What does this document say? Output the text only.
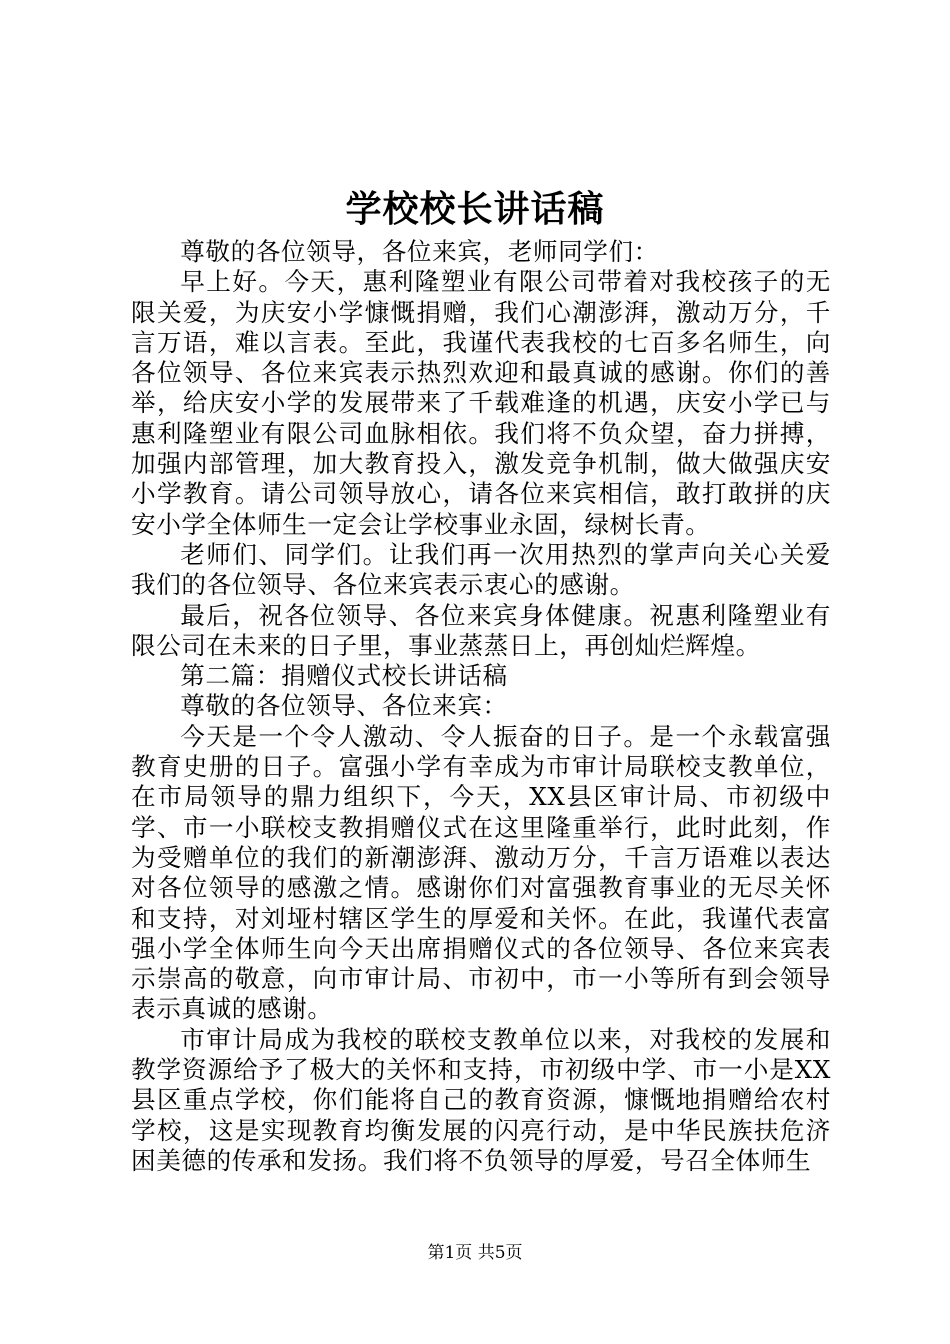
学校校长讲话稿

尊敬的各位领导，各位来宾，老师同学们：

早上好。今天，惠利隆塑业有限公司带着对我校孩子的无限关爱，为庆安小学慷慨捐赠，我们心潮澎湃，激动万分，千言万语，难以言表。至此，我谨代表我校的七百多名师生，向各位领导、各位来宾表示热烈欢迎和最真诚的感谢。你们的善举，给庆安小学的发展带来了千载难逢的机遇，庆安小学已与惠利隆塑业有限公司血脉相依。我们将不负众望，奋力拼搏，加强内部管理，加大教育投入，激发竞争机制，做大做强庆安小学教育。请公司领导放心，请各位来宾相信，敢打敢拼的庆安小学全体师生一定会让学校事业永固，绿树长青。

老师们、同学们。让我们再一次用热烈的掌声向关心关爱我们的各位领导、各位来宾表示衷心的感谢。

最后，祝各位领导、各位来宾身体健康。祝惠利隆塑业有限公司在未来的日子里，事业蒸蒸日上，再创灿烂辉煌。

第二篇：捐赠仪式校长讲话稿

尊敬的各位领导、各位来宾：

今天是一个令人激动、令人振奋的日子。是一个永载富强教育史册的日子。富强小学有幸成为市审计局联校支教单位，在市局领导的鼎力组织下，今天，XX县区审计局、市初级中学、市一小联校支教捐赠仪式在这里隆重举行，此时此刻，作为受赠单位的我们的新潮澎湃、激动万分，千言万语难以表达对各位领导的感激之情。感谢你们对富强教育事业的无尽关怀和支持，对刘垭村辖区学生的厚爱和关怀。在此，我谨代表富强小学全体师生向今天出席捐赠仪式的各位领导、各位来宾表示崇高的敬意，向市审计局、市初中，市一小等所有到会领导表示真诚的感谢。

市审计局成为我校的联校支教单位以来，对我校的发展和教学资源给予了极大的关怀和支持，市初级中学、市一小是XX县区重点学校，你们能将自己的教育资源，慷慨地捐赠给农村学校，这是实现教育均衡发展的闪亮行动，是中华民族扶危济困美德的传承和发扬。我们将不负领导的厚爱，号召全体师生

第1页 共5页
